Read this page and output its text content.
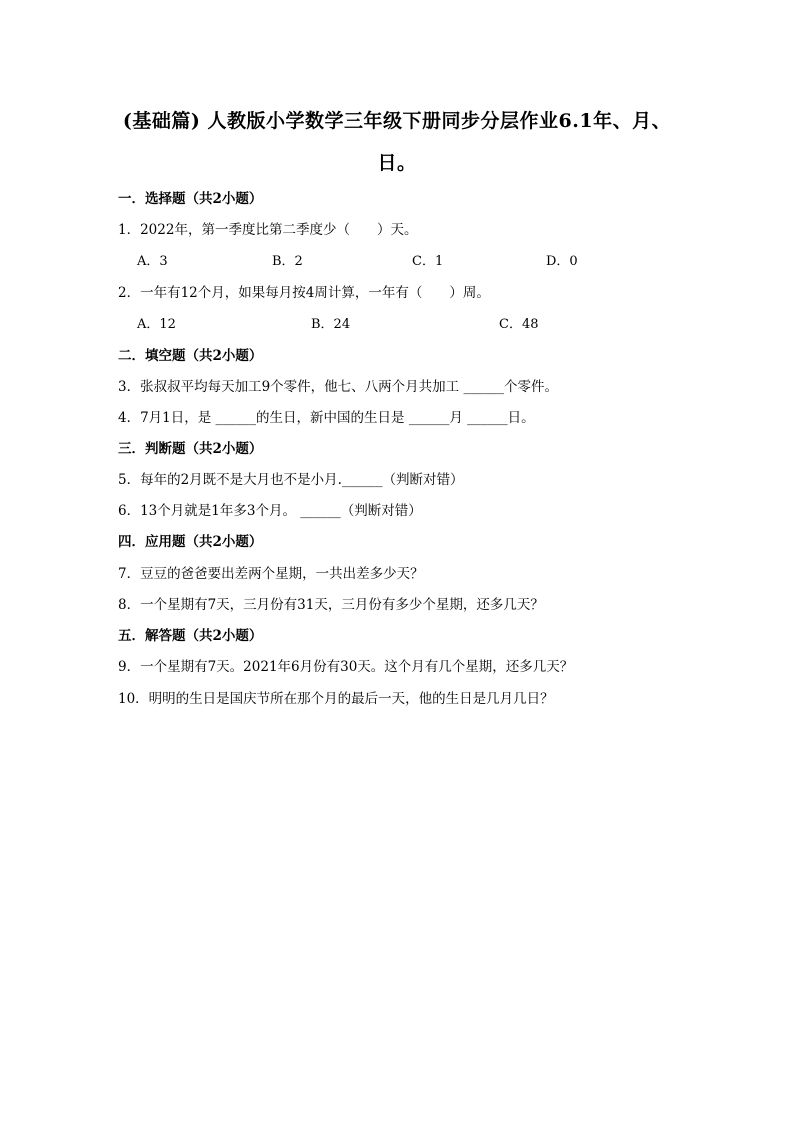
(基础篇) 人教版小学数学三年级下册同步分层作业6.1年、月、
日。
一．选择题（共2小题）
1．2022年，第一季度比第二季度少（　　）天。
A．3	B．2	C．1	D．0
2．一年有12个月，如果每月按4周计算，一年有（　　）周。
A．12	B．24	C．48
二．填空题（共2小题）
3．张叔叔平均每天加工9个零件，他七、八两个月共加工 ______个零件。
4．7月1日，是 ______的生日，新中国的生日是 ______月 ______日。
三．判断题（共2小题）
5．每年的2月既不是大月也不是小月.______（判断对错）
6．13个月就是1年多3个月。 ______（判断对错）
四．应用题（共2小题）
7．豆豆的爸爸要出差两个星期，一共出差多少天？
8．一个星期有7天，三月份有31天，三月份有多少个星期，还多几天？
五．解答题（共2小题）
9．一个星期有7天。2021年6月份有30天。这个月有几个星期，还多几天？
10．明明的生日是国庆节所在那个月的最后一天，他的生日是几月几日？
